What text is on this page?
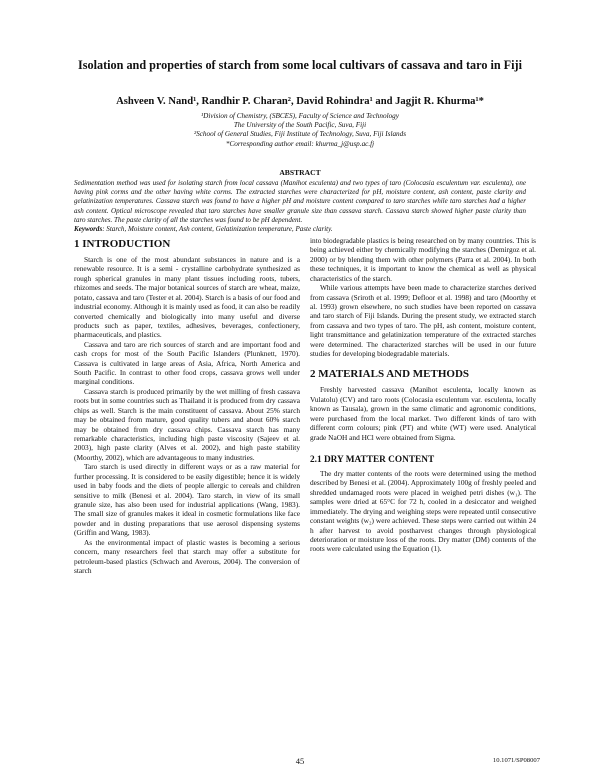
Isolation and properties of starch from some local cultivars of cassava and taro in Fiji
Ashveen V. Nand¹, Randhir P. Charan², David Rohindra¹ and Jagjit R. Khurma¹*
¹Division of Chemistry, (SBCES), Faculty of Science and Technology
The University of the South Pacific, Suva, Fiji
²School of General Studies, Fiji Institute of Technology, Suva, Fiji Islands
*Corresponding author email: khurma_j@usp.ac.fj
ABSTRACT

Sedimentation method was used for isolating starch from local cassava (Manihot esculenta) and two types of taro (Colocasia esculentum var. esculenta), one having pink corms and the other having white corms. The extracted starches were characterized for pH, moisture content, ash content, paste clarity and gelatinization temperatures. Cassava starch was found to have a higher pH and moisture content compared to taro starches while taro starches had a higher ash content. Optical microscope revealed that taro starches have smaller granule size than cassava starch. Cassava starch showed higher paste clarity than taro starches. The paste clarity of all the starches was found to be pH dependent.

Keywords: Starch, Moisture content, Ash content, Gelatinization temperature, Paste clarity.

1 INTRODUCTION

Starch is one of the most abundant substances in nature and is a renewable resource. It is a semi - crystalline carbohydrate synthesized as rough spherical granules in many plant tissues including roots, tubers, rhizomes and seeds. The major botanical sources of starch are wheat, maize, potato, cassava and taro (Tester et al. 2004). Starch is a basis of our food and industrial economy. Although it is mainly used as food, it can also be readily converted chemically and biologically into many useful and diverse products such as paper, textiles, adhesives, beverages, confectionery, pharmaceuticals, and plastics.

Cassava and taro are rich sources of starch and are important food and cash crops for most of the South Pacific Islanders (Plunknett, 1970). Cassava is cultivated in large areas of Asia, Africa, North America and South Pacific. In contrast to other food crops, cassava grows well under marginal conditions.

Cassava starch is produced primarily by the wet milling of fresh cassava roots but in some countries such as Thailand it is produced from dry cassava chips as well. Starch is the main constituent of cassava. About 25% starch may be obtained from mature, good quality tubers and about 60% starch may be obtained from dry cassava chips. Cassava starch has many remarkable characteristics, including high paste viscosity (Sajeev et al. 2003), high paste clarity (Alves et al. 2002), and high paste stability (Moorthy, 2002), which are advantageous to many industries.

Taro starch is used directly in different ways or as a raw material for further processing. It is considered to be easily digestible; hence it is widely used in baby foods and the diets of people allergic to cereals and children sensitive to milk (Benesi et al. 2004). Taro starch, in view of its small granule size, has also been used for industrial applications (Wang, 1983). The small size of granules makes it ideal in cosmetic formulations like face powder and in dusting preparations that use aerosol dispensing systems (Griffin and Wang, 1983).

As the environmental impact of plastic wastes is becoming a serious concern, many researchers feel that starch may offer a substitute for petroleum-based plastics (Schwach and Averous, 2004). The conversion of starch

into biodegradable plastics is being researched on by many countries. This is being achieved either by chemically modifying the starches (Demirgoz et al. 2000) or by blending them with other polymers (Parra et al. 2004). In both these techniques, it is important to know the chemical as well as physical characteristics of the starch.

While various attempts have been made to characterize starches derived from cassava (Sriroth et al. 1999; Defloor et al. 1998) and taro (Moorthy et al. 1993) grown elsewhere, no such studies have been reported on cassava and taro starch of Fiji Islands. During the present study, we extracted starch from cassava and two types of taro. The pH, ash content, moisture content, light transmittance and gelatinization temperature of the extracted starches were determined. The characterized starches will be used in our future studies for developing biodegradable materials.

2 MATERIALS AND METHODS

Freshly harvested cassava (Manihot esculenta, locally known as Vulatolu) (CV) and taro roots (Colocasia esculentum var. esculenta, locally known as Tausala), grown in the same climatic and agronomic conditions, were purchased from the local market. Two different kinds of taro with different corm colours; pink (PT) and white (WT) were used. Analytical grade NaOH and HCl were obtained from Sigma.

2.1 DRY MATTER CONTENT

The dry matter contents of the roots were determined using the method described by Benesi et al. (2004). Approximately 100g of freshly peeled and shredded undamaged roots were placed in weighed petri dishes (w₁). The samples were dried at 65°C for 72 h, cooled in a desiccator and weighed immediately. The drying and weighing steps were repeated until consecutive constant weights (w₂) were achieved. These steps were carried out within 24 h after harvest to avoid postharvest changes through physiological deterioration or moisture loss of the roots. Dry matter (DM) contents of the roots were calculated using the Equation (1).

45	10.1071/SP08007
